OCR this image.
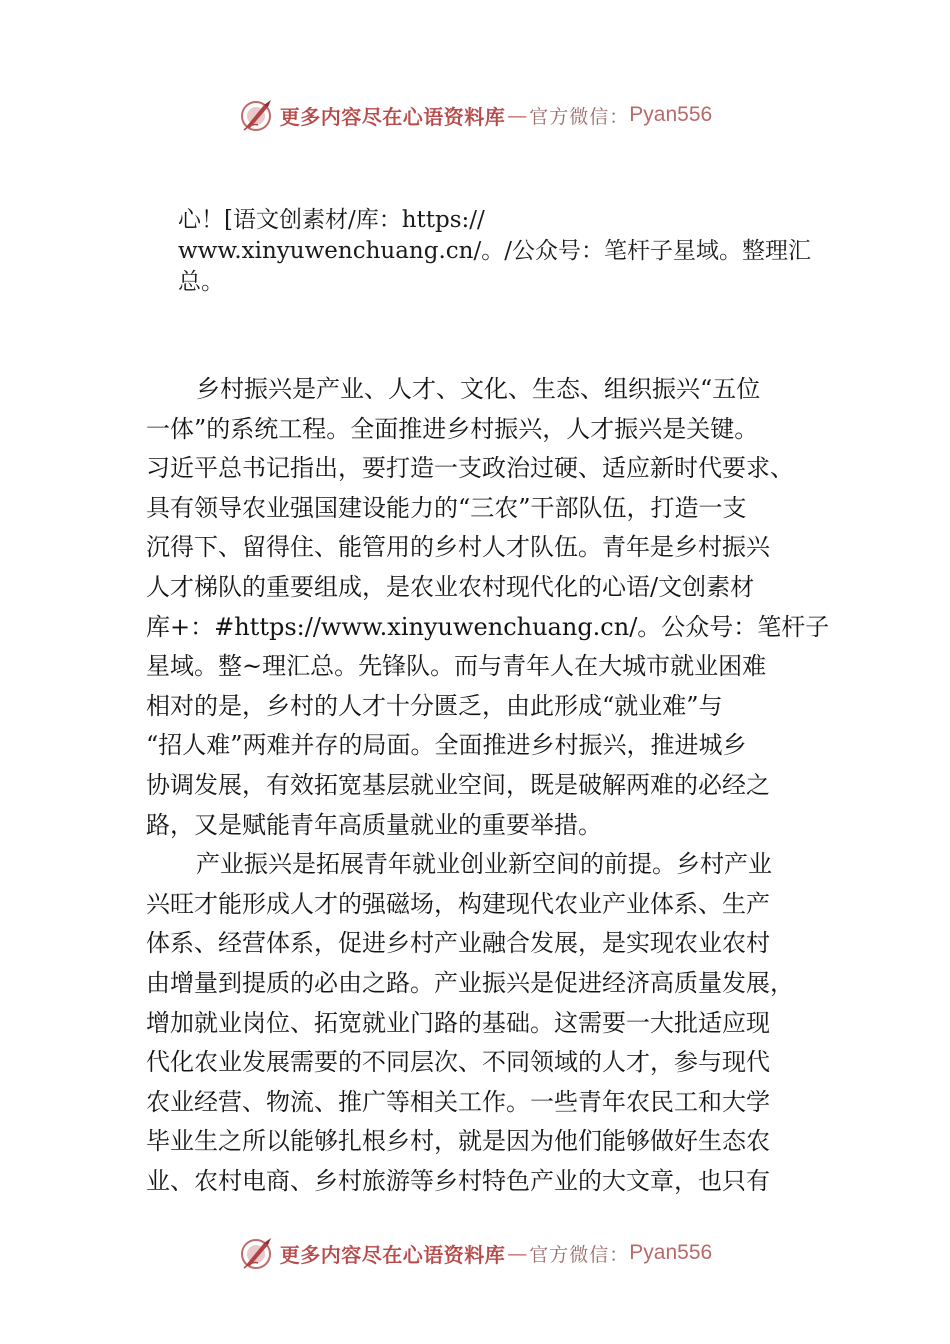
更多内容尽在心语资料库 — 官方微信： Pyan556
心！[语文创素材/库：https://
www.xinyuwenchuang.cn/。/公众号：笔杆子星域。整理汇
总。
乡村振兴是产业、人才、文化、生态、组织振兴“五位
一体”的系统工程。全面推进乡村振兴，人才振兴是关键。
习近平总书记指出，要打造一支政治过硬、适应新时代要求、
具有领导农业强国建设能力的“三农”干部队伍，打造一支
沉得下、留得住、能管用的乡村人才队伍。青年是乡村振兴
人才梯队的重要组成，是农业农村现代化的心语/文创素材
库+：#https://www.xinyuwenchuang.cn/。公众号：笔杆子
星域。整~理汇总。先锋队。而与青年人在大城市就业困难
相对的是，乡村的人才十分匮乏，由此形成“就业难”与
“招人难”两难并存的局面。全面推进乡村振兴，推进城乡
协调发展，有效拓宽基层就业空间，既是破解两难的必经之
路，又是赋能青年高质量就业的重要举措。
产业振兴是拓展青年就业创业新空间的前提。乡村产业
兴旺才能形成人才的强磁场，构建现代农业产业体系、生产
体系、经营体系，促进乡村产业融合发展，是实现农业农村
由增量到提质的必由之路。产业振兴是促进经济高质量发展，
增加就业岗位、拓宽就业门路的基础。这需要一大批适应现
代化农业发展需要的不同层次、不同领域的人才，参与现代
农业经营、物流、推广等相关工作。一些青年农民工和大学
毕业生之所以能够扎根乡村，就是因为他们能够做好生态农
业、农村电商、乡村旅游等乡村特色产业的大文章，也只有
更多内容尽在心语资料库 — 官方微信： Pyan556
